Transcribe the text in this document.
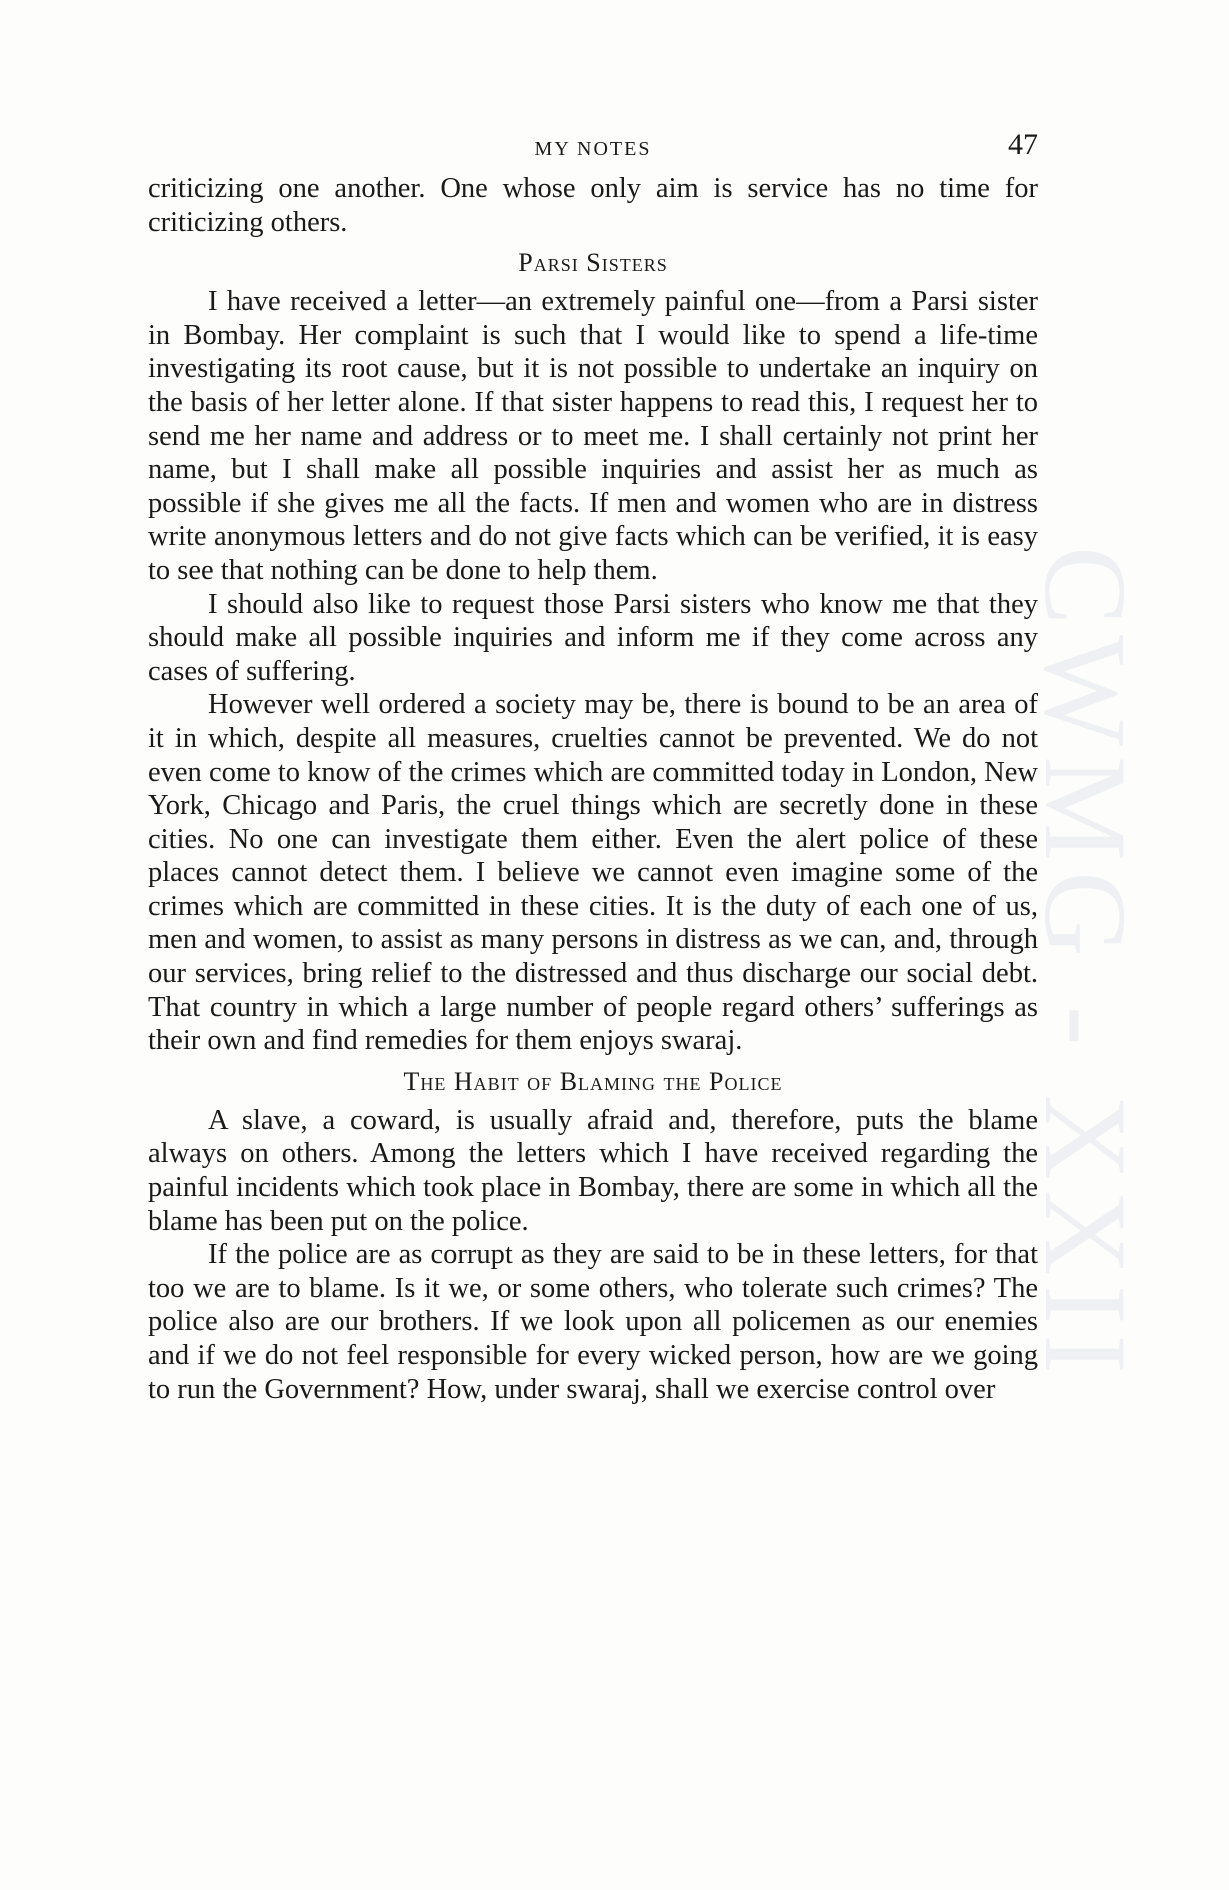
CWMG - XXII
MY NOTES	47

criticizing one another. One whose only aim is service has no time for criticizing others.

Parsi Sisters

I have received a letter—an extremely painful one—from a Parsi sister in Bombay. Her complaint is such that I would like to spend a life-time investigating its root cause, but it is not possible to undertake an inquiry on the basis of her letter alone. If that sister happens to read this, I request her to send me her name and address or to meet me. I shall certainly not print her name, but I shall make all possible inquiries and assist her as much as possible if she gives me all the facts. If men and women who are in distress write anonymous letters and do not give facts which can be verified, it is easy to see that nothing can be done to help them.

I should also like to request those Parsi sisters who know me that they should make all possible inquiries and inform me if they come across any cases of suffering.

However well ordered a society may be, there is bound to be an area of it in which, despite all measures, cruelties cannot be prevented. We do not even come to know of the crimes which are committed today in London, New York, Chicago and Paris, the cruel things which are secretly done in these cities. No one can investigate them either. Even the alert police of these places cannot detect them. I believe we cannot even imagine some of the crimes which are committed in these cities. It is the duty of each one of us, men and women, to assist as many persons in distress as we can, and, through our services, bring relief to the distressed and thus discharge our social debt. That country in which a large number of people regard others’ sufferings as their own and find remedies for them enjoys swaraj.

The Habit of Blaming the Police

A slave, a coward, is usually afraid and, therefore, puts the blame always on others. Among the letters which I have received regarding the painful incidents which took place in Bombay, there are some in which all the blame has been put on the police.

If the police are as corrupt as they are said to be in these letters, for that too we are to blame. Is it we, or some others, who tolerate such crimes? The police also are our brothers. If we look upon all policemen as our enemies and if we do not feel responsible for every wicked person, how are we going to run the Government? How, under swaraj, shall we exercise control over
